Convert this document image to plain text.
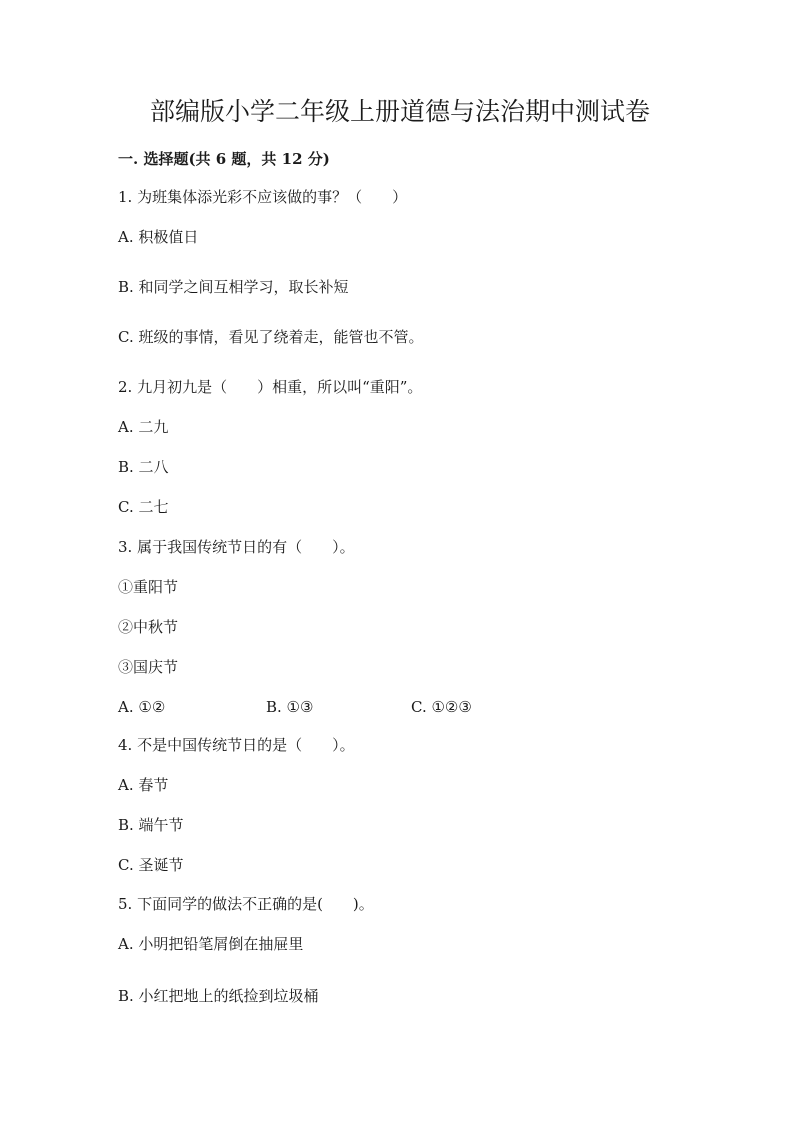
部编版小学二年级上册道德与法治期中测试卷
一. 选择题(共 6 题，共 12 分)
1. 为班集体添光彩不应该做的事？（　　）
A. 积极值日
B. 和同学之间互相学习，取长补短
C. 班级的事情，看见了绕着走，能管也不管。
2. 九月初九是（　　）相重，所以叫“重阳”。
A. 二九
B. 二八
C. 二七
3. 属于我国传统节日的有（　　）。
①重阳节
②中秋节
③国庆节
A. ①②	B. ①③	C. ①②③
4. 不是中国传统节日的是（　　）。
A. 春节
B. 端午节
C. 圣诞节
5. 下面同学的做法不正确的是(　　)。
A. 小明把铅笔屑倒在抽屉里
B. 小红把地上的纸捡到垃圾桶
